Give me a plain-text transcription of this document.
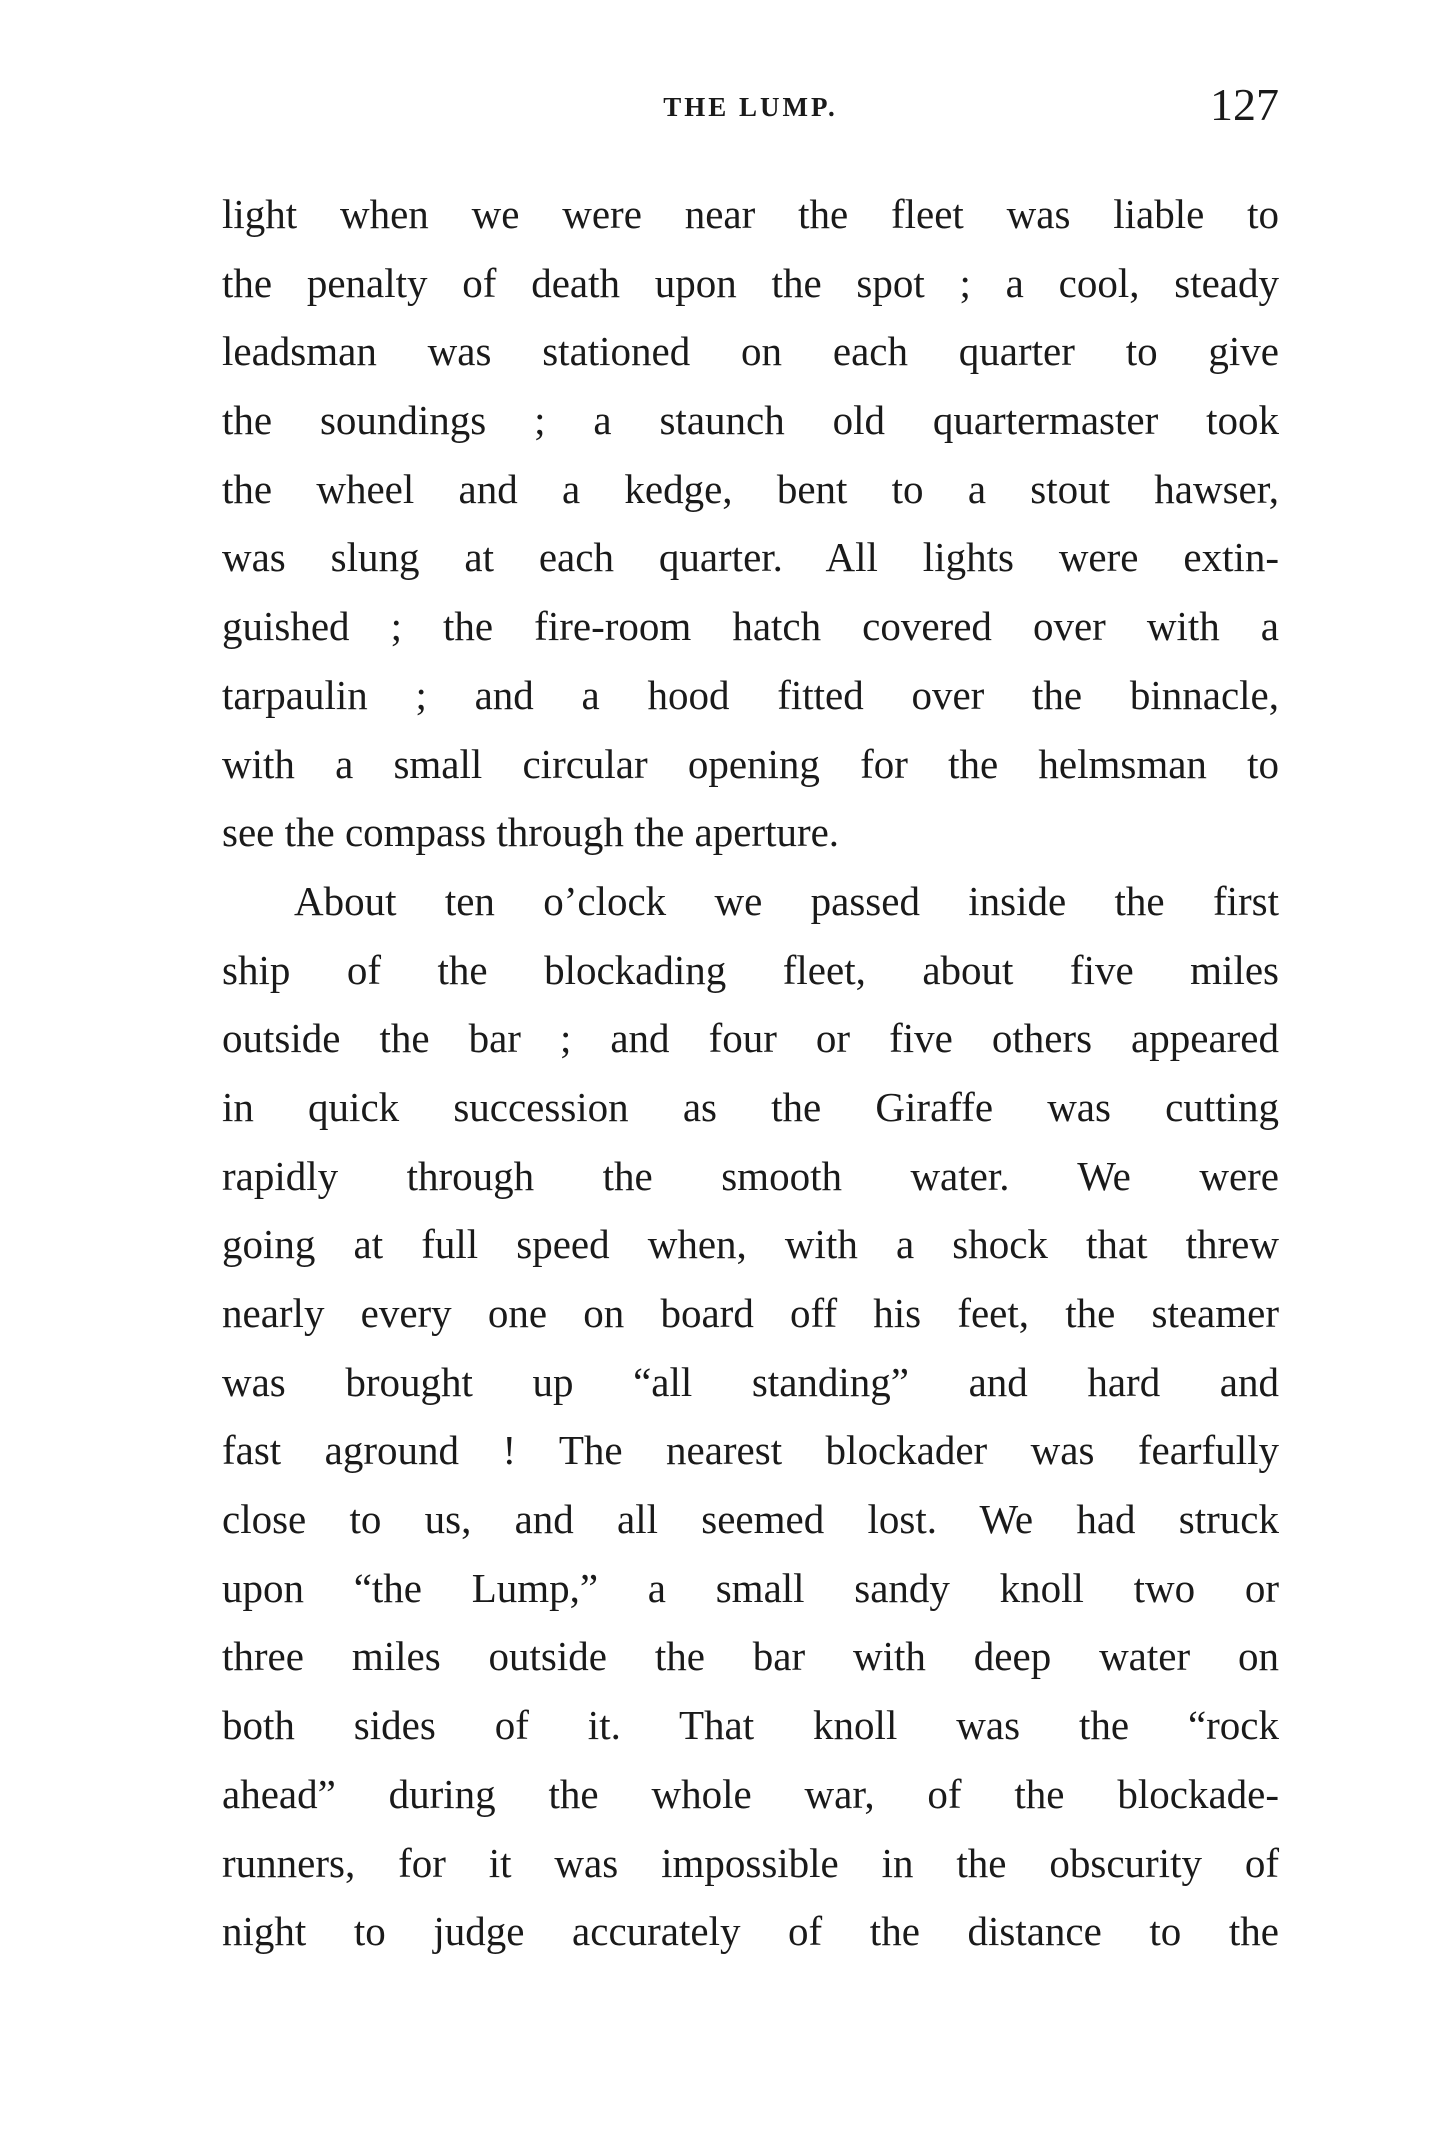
THE LUMP.	127
light when we were near the fleet was liable to
the penalty of death upon the spot ; a cool, steady
leadsman was stationed on each quarter to give
the soundings ; a staunch old quartermaster took
the wheel and a kedge, bent to a stout hawser,
was slung at each quarter. All lights were extin-
guished ; the fire-room hatch covered over with a
tarpaulin ; and a hood fitted over the binnacle,
with a small circular opening for the helmsman to
see the compass through the aperture.
About ten o’clock we passed inside the first
ship of the blockading fleet, about five miles
outside the bar ; and four or five others appeared
in quick succession as the Giraffe was cutting
rapidly through the smooth water. We were
going at full speed when, with a shock that threw
nearly every one on board off his feet, the steamer
was brought up “all standing” and hard and
fast aground ! The nearest blockader was fearfully
close to us, and all seemed lost. We had struck
upon “the Lump,” a small sandy knoll two or
three miles outside the bar with deep water on
both sides of it. That knoll was the “rock
ahead” during the whole war, of the blockade-
runners, for it was impossible in the obscurity of
night to judge accurately of the distance to the
